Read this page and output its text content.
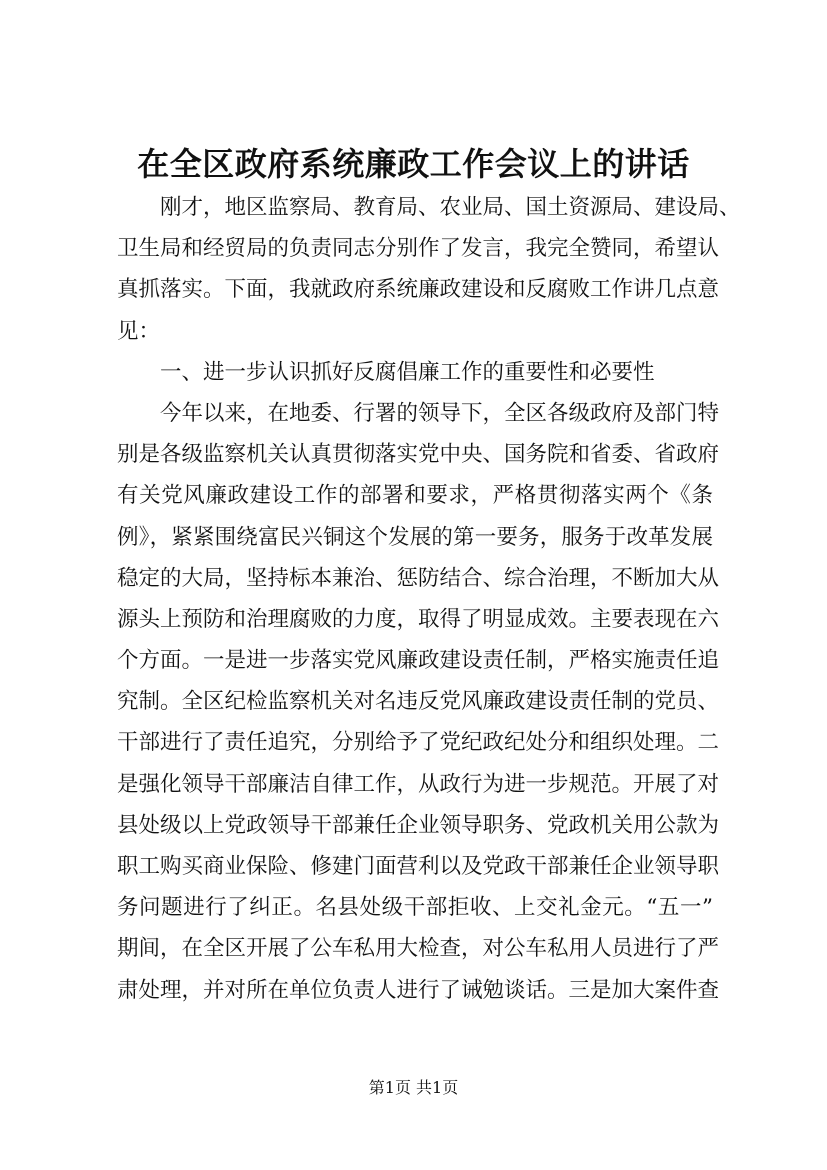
在全区政府系统廉政工作会议上的讲话
刚才，地区监察局、教育局、农业局、国土资源局、建设局、
卫生局和经贸局的负责同志分别作了发言，我完全赞同，希望认
真抓落实。下面，我就政府系统廉政建设和反腐败工作讲几点意
见：
一、进一步认识抓好反腐倡廉工作的重要性和必要性
今年以来，在地委、行署的领导下，全区各级政府及部门特
别是各级监察机关认真贯彻落实党中央、国务院和省委、省政府
有关党风廉政建设工作的部署和要求，严格贯彻落实两个《条
例》，紧紧围绕富民兴铜这个发展的第一要务，服务于改革发展
稳定的大局，坚持标本兼治、惩防结合、综合治理，不断加大从
源头上预防和治理腐败的力度，取得了明显成效。主要表现在六
个方面。一是进一步落实党风廉政建设责任制，严格实施责任追
究制。全区纪检监察机关对名违反党风廉政建设责任制的党员、
干部进行了责任追究，分别给予了党纪政纪处分和组织处理。二
是强化领导干部廉洁自律工作，从政行为进一步规范。开展了对
县处级以上党政领导干部兼任企业领导职务、党政机关用公款为
职工购买商业保险、修建门面营利以及党政干部兼任企业领导职
务问题进行了纠正。名县处级干部拒收、上交礼金元。“五一”
期间，在全区开展了公车私用大检查，对公车私用人员进行了严
肃处理，并对所在单位负责人进行了诫勉谈话。三是加大案件查
第1页 共1页
